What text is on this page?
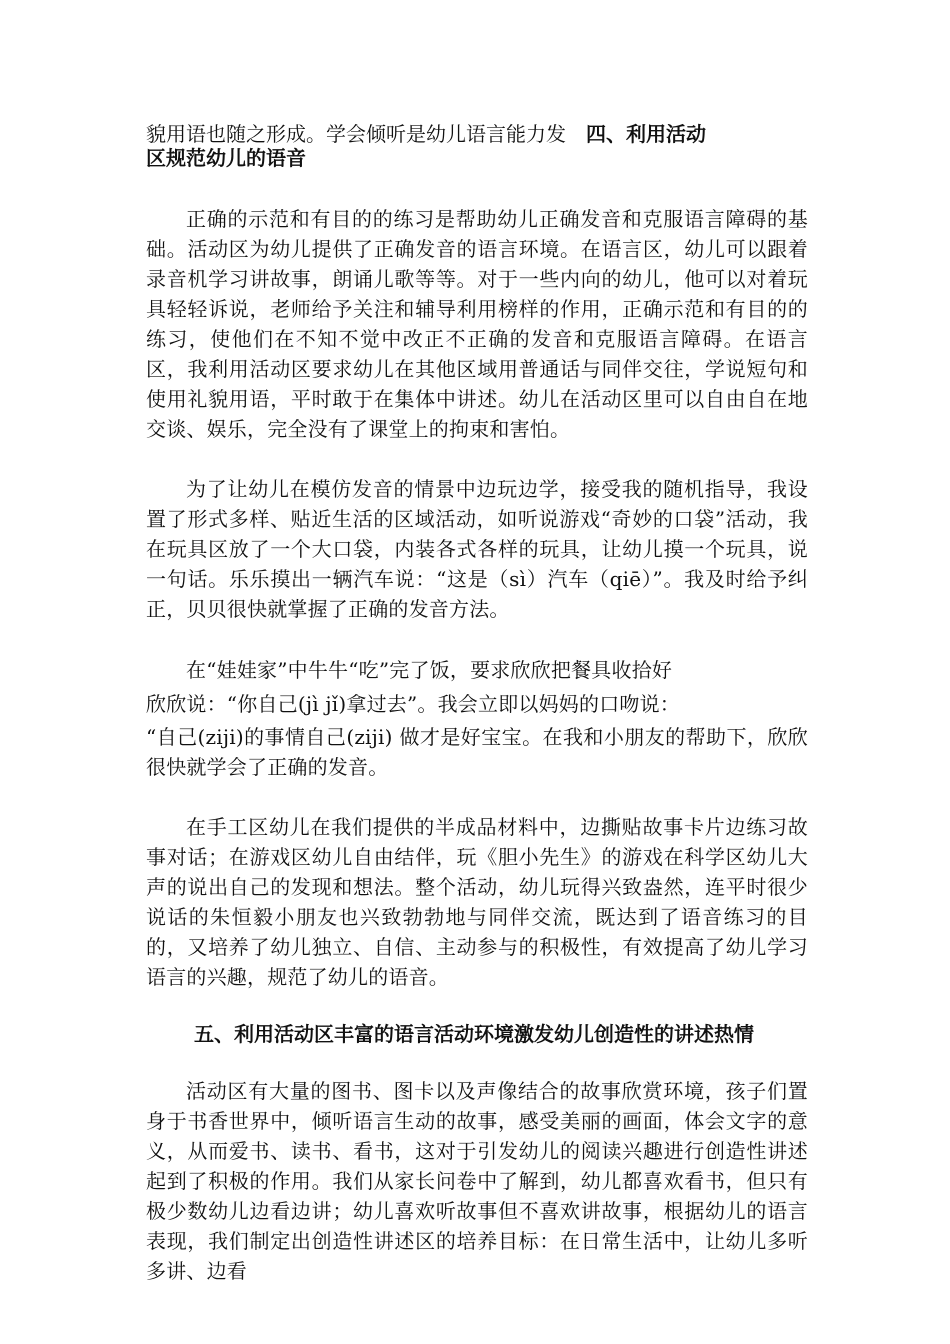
貌用语也随之形成。学会倾听是幼儿语言能力发　四、利用活动
区规范幼儿的语音

正确的示范和有目的的练习是帮助幼儿正确发音和克服语言障碍的基础。活动区为幼儿提供了正确发音的语言环境。在语言区，幼儿可以跟着录音机学习讲故事，朗诵儿歌等等。对于一些内向的幼儿，他可以对着玩具轻轻诉说，老师给予关注和辅导利用榜样的作用，正确示范和有目的的练习，使他们在不知不觉中改正不正确的发音和克服语言障碍。在语言区，我利用活动区要求幼儿在其他区域用普通话与同伴交往，学说短句和使用礼貌用语，平时敢于在集体中讲述。幼儿在活动区里可以自由自在地交谈、娱乐，完全没有了课堂上的拘束和害怕。

为了让幼儿在模仿发音的情景中边玩边学，接受我的随机指导，我设置了形式多样、贴近生活的区域活动，如听说游戏“奇妙的口袋”活动，我在玩具区放了一个大口袋，内装各式各样的玩具，让幼儿摸一个玩具，说一句话。乐乐摸出一辆汽车说：“这是（sì）汽车（qiē）”。我及时给予纠正，贝贝很快就掌握了正确的发音方法。

在“娃娃家”中牛牛“吃”完了饭，要求欣欣把餐具收拾好

欣欣说：“你自己(jì jǐ)拿过去”。我会立即以妈妈的口吻说：

“自己(ziji)的事情自己(ziji) 做才是好宝宝。在我和小朋友的帮助下，欣欣很快就学会了正确的发音。

在手工区幼儿在我们提供的半成品材料中，边撕贴故事卡片边练习故事对话；在游戏区幼儿自由结伴，玩《胆小先生》的游戏在科学区幼儿大声的说出自己的发现和想法。整个活动，幼儿玩得兴致盎然，连平时很少说话的朱恒毅小朋友也兴致勃勃地与同伴交流，既达到了语音练习的目的，又培养了幼儿独立、自信、主动参与的积极性，有效提高了幼儿学习语言的兴趣，规范了幼儿的语音。

五、利用活动区丰富的语言活动环境激发幼儿创造性的讲述热情

活动区有大量的图书、图卡以及声像结合的故事欣赏环境，孩子们置身于书香世界中，倾听语言生动的故事，感受美丽的画面，体会文字的意义，从而爱书、读书、看书，这对于引发幼儿的阅读兴趣进行创造性讲述起到了积极的作用。我们从家长问卷中了解到，幼儿都喜欢看书，但只有极少数幼儿边看边讲；幼儿喜欢听故事但不喜欢讲故事，根据幼儿的语言表现，我们制定出创造性讲述区的培养目标：在日常生活中，让幼儿多听多讲、边看
